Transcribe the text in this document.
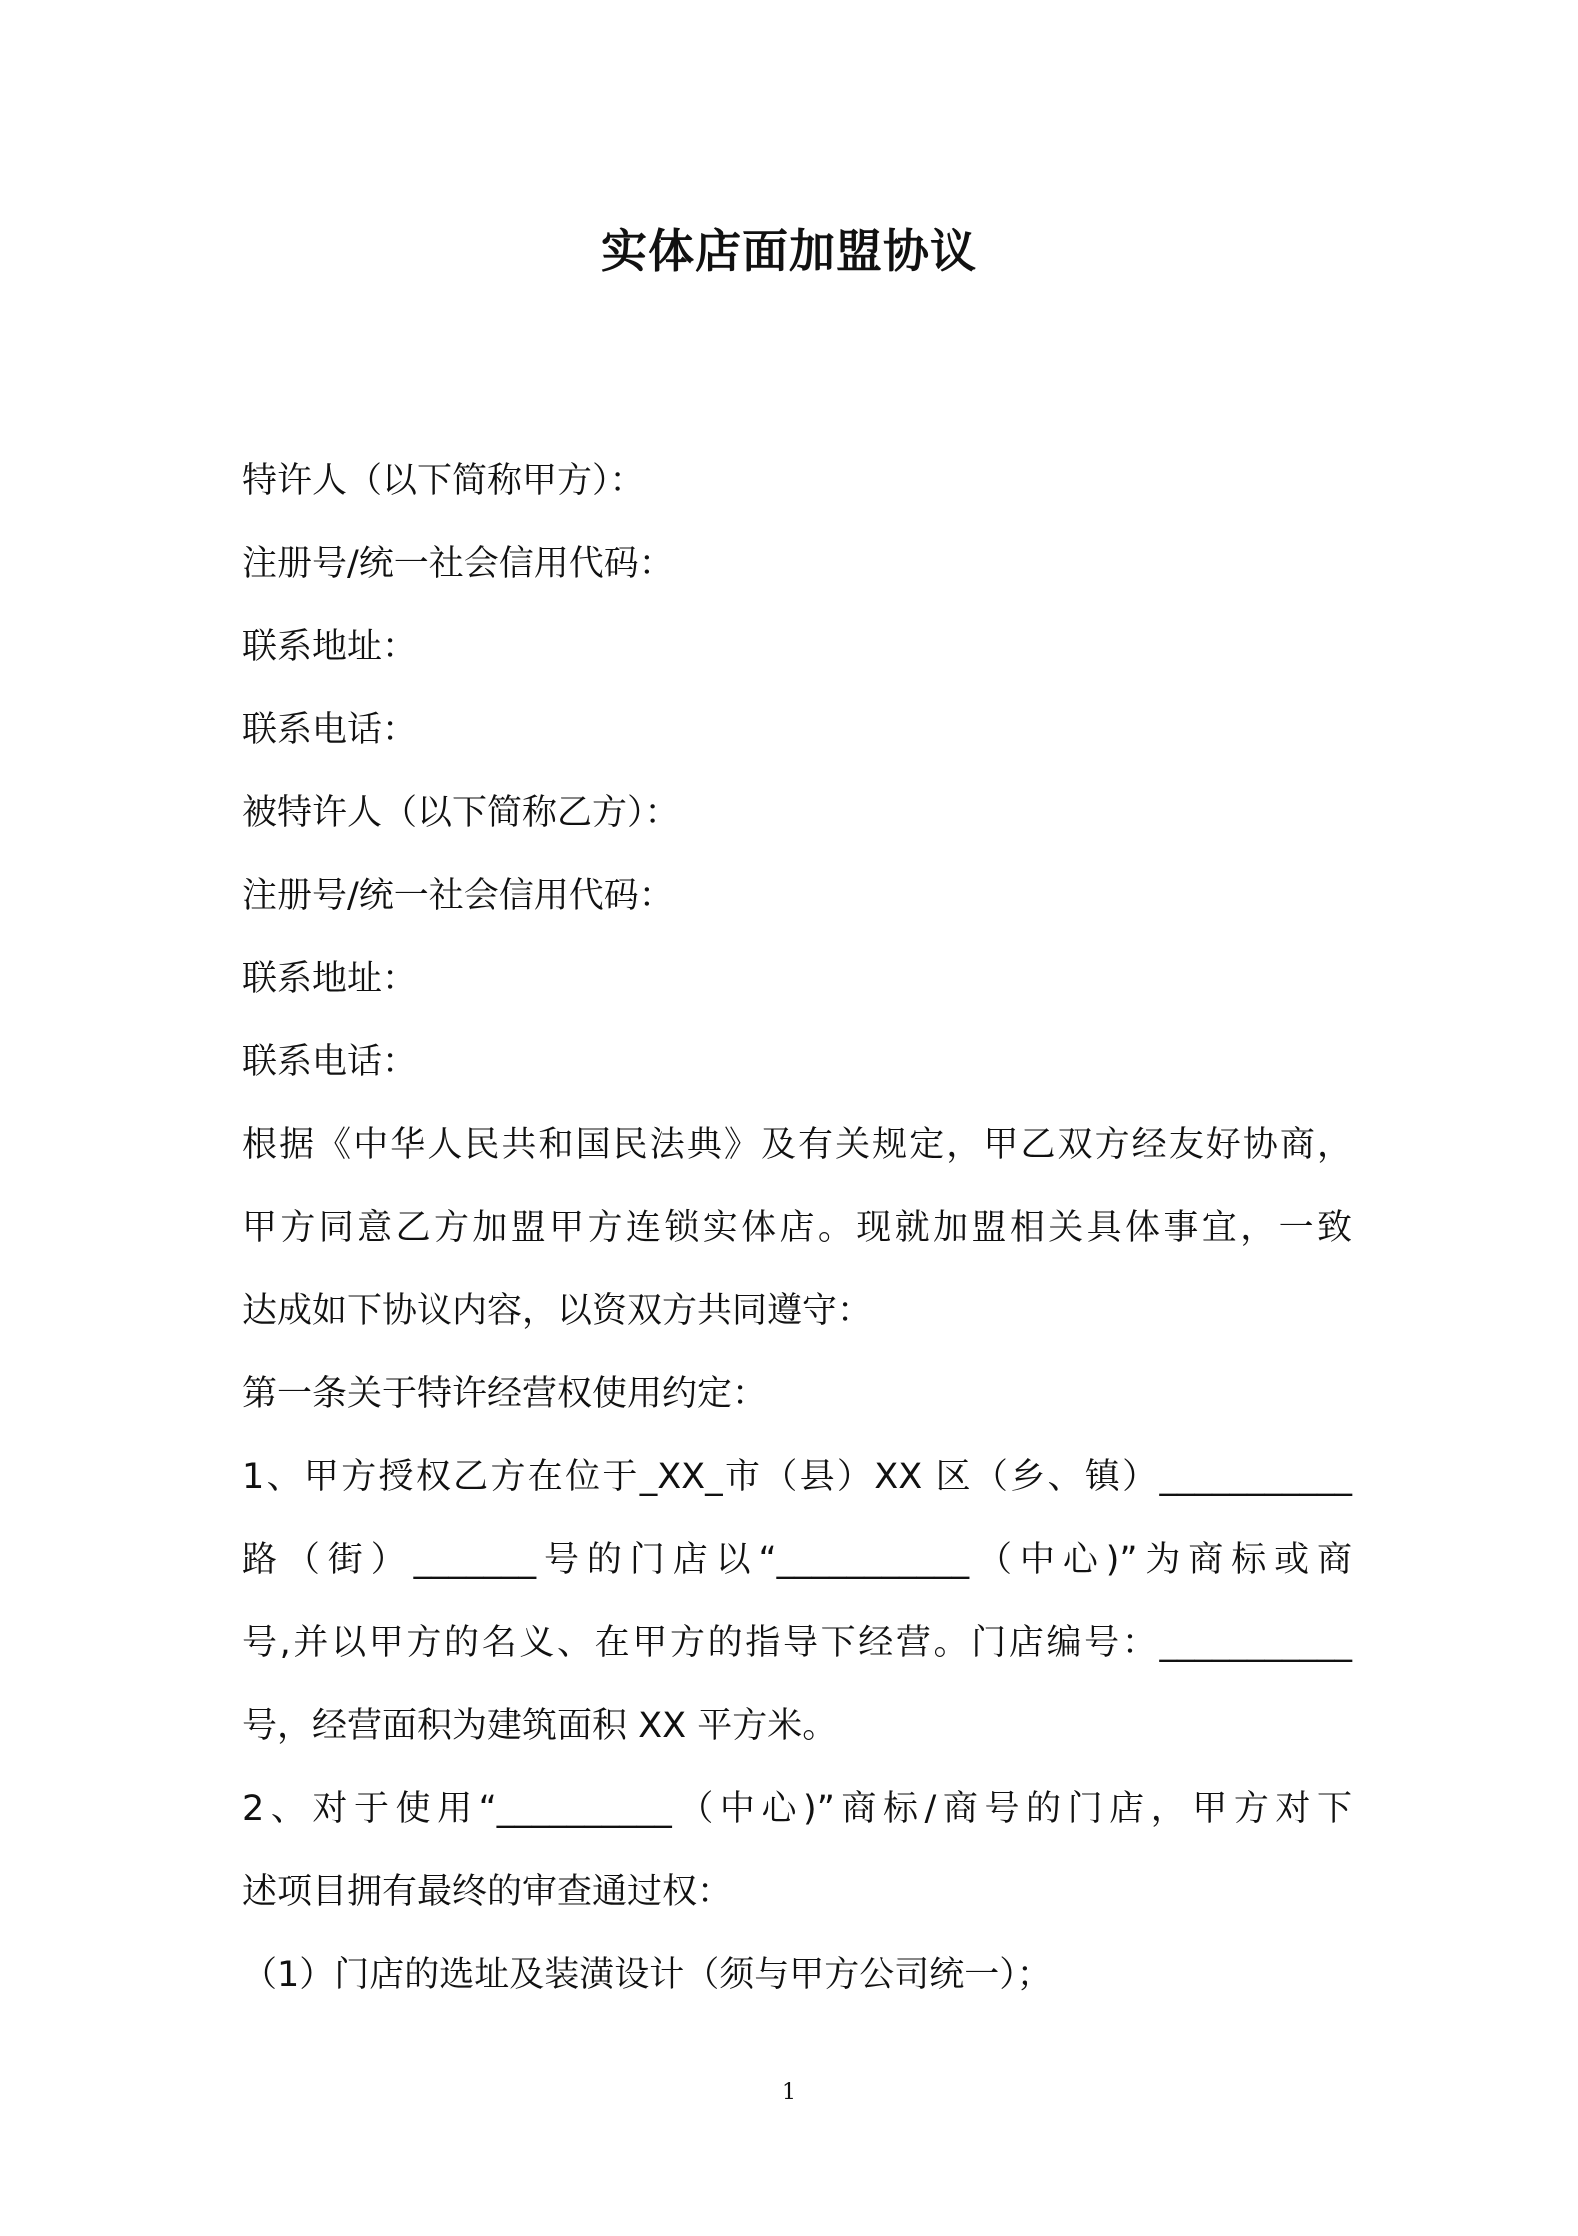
实体店面加盟协议
特许人（以下简称甲方）：
注册号/统一社会信用代码：
联系地址：
联系电话：
被特许人（以下简称乙方）：
注册号/统一社会信用代码：
联系地址：
联系电话：
根据《中华人民共和国民法典》及有关规定，甲乙双方经友好协商，
甲方同意乙方加盟甲方连锁实体店。现就加盟相关具体事宜，一致
达成如下协议内容，以资双方共同遵守：
第一条关于特许经营权使用约定：
1、甲方授权乙方在位于_XX_市（县）XX 区（乡、镇）___________
路（街）_______号的门店以“___________（中心)”为商标或商
号,并以甲方的名义、在甲方的指导下经营。门店编号：___________
号，经营面积为建筑面积 XX 平方米。
2、对于使用“__________（中心)”商标/商号的门店，甲方对下
述项目拥有最终的审查通过权：
（1）门店的选址及装潢设计（须与甲方公司统一）；
1
